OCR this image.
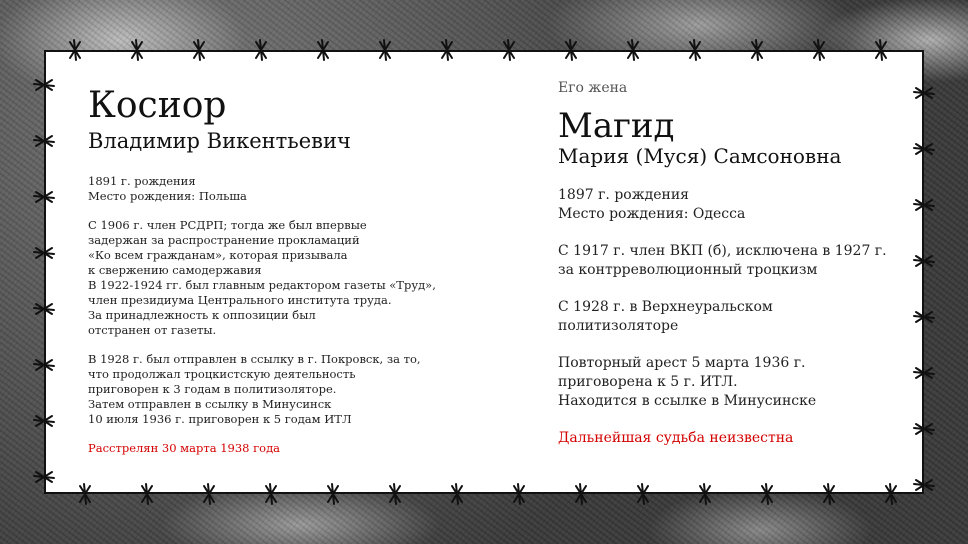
Косиор
Владимир Викентьевич

1891 г. рождения
Место рождения: Польша

С 1906 г. член РСДРП; тогда же был впервые
задержан за распространение прокламаций
«Ко всем гражданам», которая призывала
к свержению самодержавия
В 1922-1924 гг. был главным редактором газеты «Труд»,
член президиума Центрального института труда.
За принадлежность к оппозиции был
отстранен от газеты.

В 1928 г. был отправлен в ссылку в г. Покровск, за то,
что продолжал троцкистскую деятельность
приговорен к 3 годам в политизоляторе.
Затем отправлен в ссылку в Минусинск
10 июля 1936 г. приговорен к 5 годам ИТЛ

Расстрелян 30 марта 1938 года

Его жена

Магид
Мария (Муся) Самсоновна

1897 г. рождения
Место рождения: Одесса

С 1917 г. член ВКП (б), исключена в 1927 г.
за контрреволюционный троцкизм

С 1928 г. в Верхнеуральском
политизоляторе

Повторный арест 5 марта 1936 г.
приговорена к 5 г. ИТЛ.
Находится в ссылке в Минусинске

Дальнейшая судьба неизвестна
